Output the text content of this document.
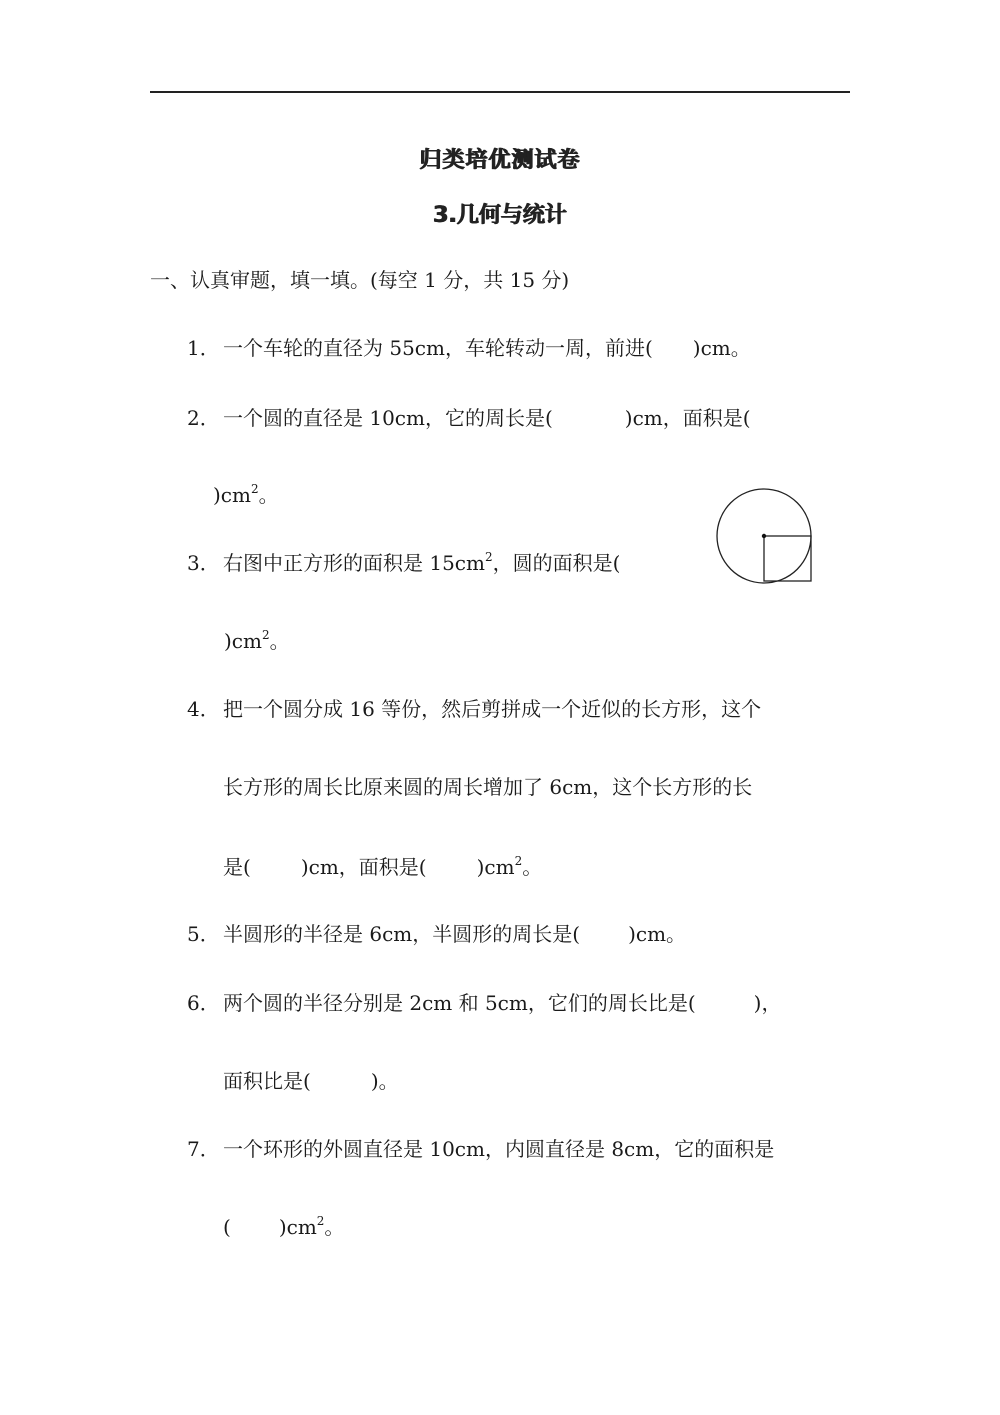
归类培优测试卷
3.几何与统计
一、认真审题，填一填。(每空 1 分，共 15 分)
1． 一个车轮的直径为 55cm，车轮转动一周，前进( )cm。
2． 一个圆的直径是 10cm，它的周长是(	)cm，面积是(
)$cm^2$。
3． 右图中正方形的面积是 $15cm^2$，圆的面积是(
)$cm^2$。
4． 把一个圆分成 16 等份，然后剪拼成一个近似的长方形，这个
长方形的周长比原来圆的周长增加了 6cm，这个长方形的长
是(	)cm，面积是(	)$cm^2$。
5． 半圆形的半径是 6cm，半圆形的周长是( )cm。
6． 两个圆的半径分别是 2cm 和 5cm，它们的周长比是(	)，
面积比是(	)。
7． 一个环形的外圆直径是 10cm，内圆直径是 8cm，它的面积是
( )$cm^2$。
